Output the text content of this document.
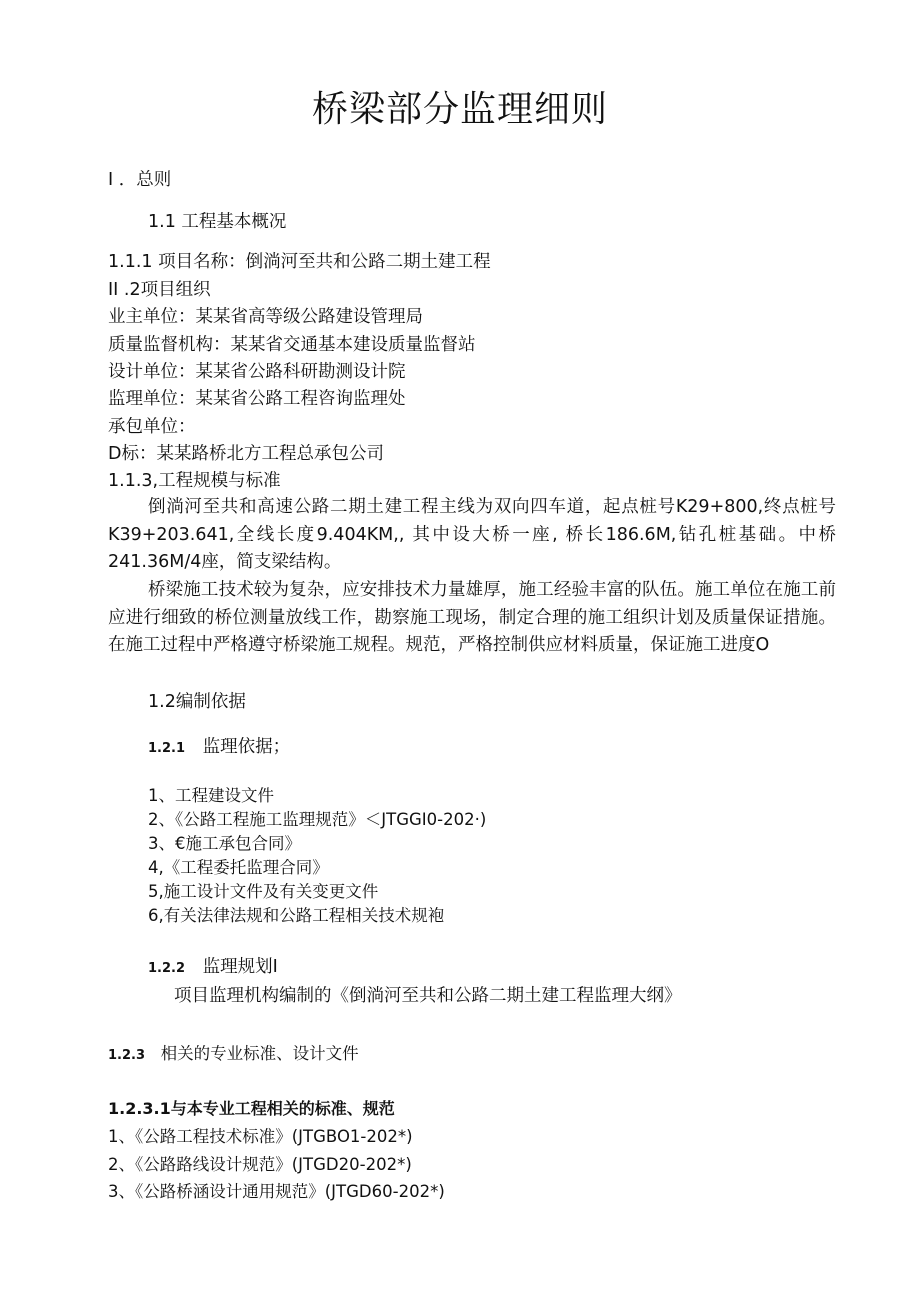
桥梁部分监理细则
I ．总则
1.1 工程基本概况
1.1.1 项目名称：倒淌河至共和公路二期土建工程
II .2项目组织
业主单位：某某省高等级公路建设管理局
质量监督机构：某某省交通基本建设质量监督站
设计单位：某某省公路科研勘测设计院
监理单位：某某省公路工程咨询监理处
承包单位：
D标：某某路桥北方工程总承包公司
1.1.3,工程规模与标准

倒淌河至共和高速公路二期土建工程主线为双向四车道，起点桩号K29+800,终点桩号K39+203.641,全线长度9.404KM,, 其中设大桥一座, 桥长186.6M,钻孔桩基础。中桥241.36M/4座，简支梁结构。

桥梁施工技术较为复杂，应安排技术力量雄厚，施工经验丰富的队伍。施工单位在施工前应进行细致的桥位测量放线工作，勘察施工现场，制定合理的施工组织计划及质量保证措施。在施工过程中严格遵守桥梁施工规程。规范，严格控制供应材料质量，保证施工进度O

1.2编制依据
1.2.1 监理依据；
1、工程建设文件
2、《公路工程施工监理规范》＜JTGGI0-202·)
3、€施工承包合同》
4,《工程委托监理合同》
5,施工设计文件及有关变更文件
6,有关法律法规和公路工程相关技术规袍
1.2.2 监理规划I
项目监理机构编制的《倒淌河至共和公路二期土建工程监理大纲》
1.2.3 相关的专业标准、设计文件
1.2.3.1与本专业工程相关的标准、规范
1、《公路工程技术标准》(JTGBO1-202*)
2、《公路路线设计规范》(JTGD20-202*)
3、《公路桥涵设计通用规范》(JTGD60-202*)
